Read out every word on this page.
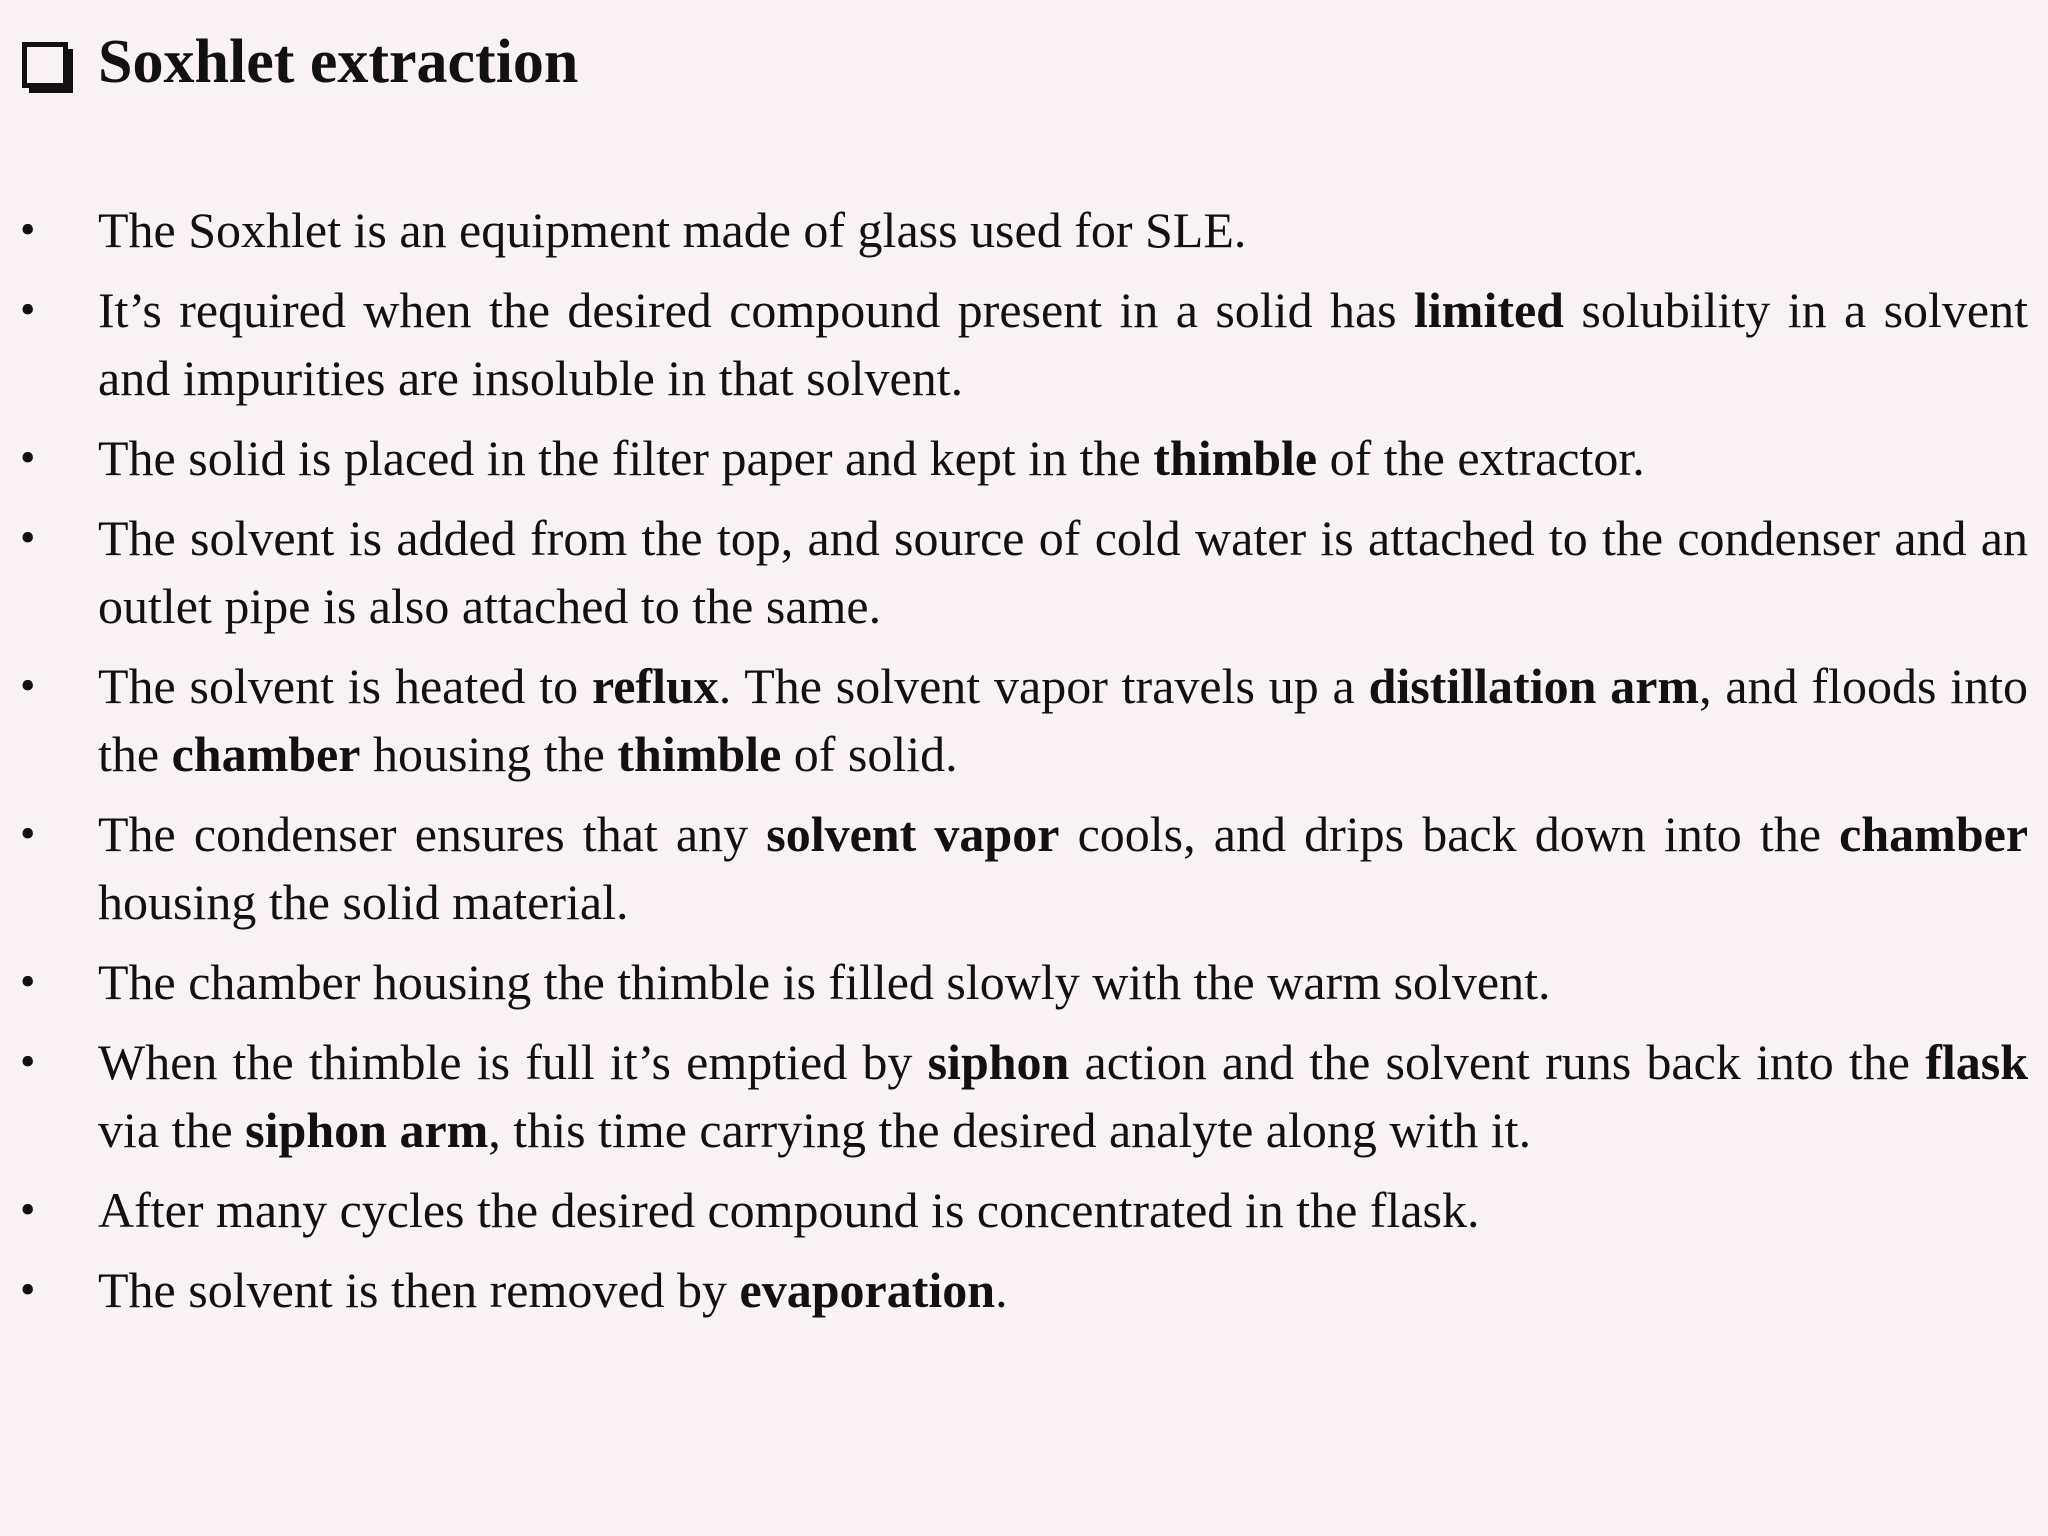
Soxhlet extraction
• The Soxhlet is an equipment made of glass used for SLE.
• It’s required when the desired compound present in a solid has limited solubility in a solvent and impurities are insoluble in that solvent.
• The solid is placed in the filter paper and kept in the thimble of the extractor.
• The solvent is added from the top, and source of cold water is attached to the condenser and an outlet pipe is also attached to the same.
• The solvent is heated to reflux. The solvent vapor travels up a distillation arm, and floods into the chamber housing the thimble of solid.
• The condenser ensures that any solvent vapor cools, and drips back down into the chamber housing the solid material.
• The chamber housing the thimble is filled slowly with the warm solvent.
• When the thimble is full it’s emptied by siphon action and the solvent runs back into the flask via the siphon arm, this time carrying the desired analyte along with it.
• After many cycles the desired compound is concentrated in the flask.
• The solvent is then removed by evaporation.
